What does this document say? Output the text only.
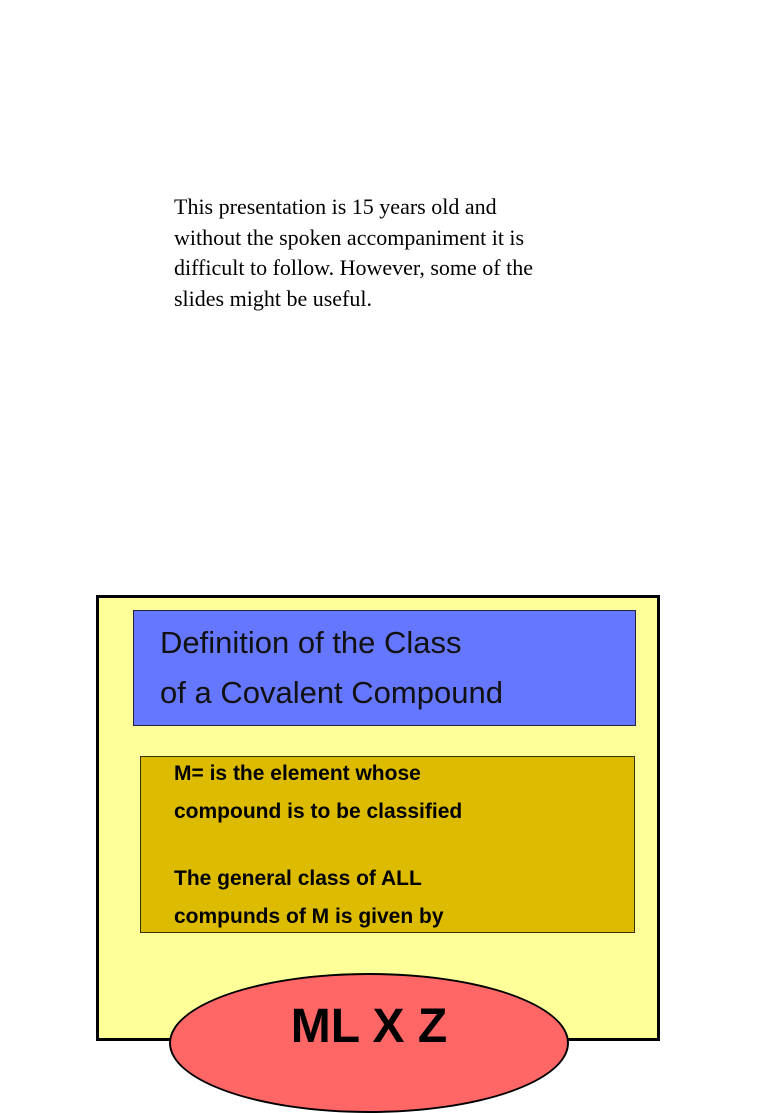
This presentation is 15 years old and
without the spoken accompaniment it is
difficult to follow. However, some of the
slides might be useful.
Definition of the Class
of a Covalent Compound
M= is the element whose
compound is to be classified
The general class of ALL
compunds of M is given by
ML X Z
